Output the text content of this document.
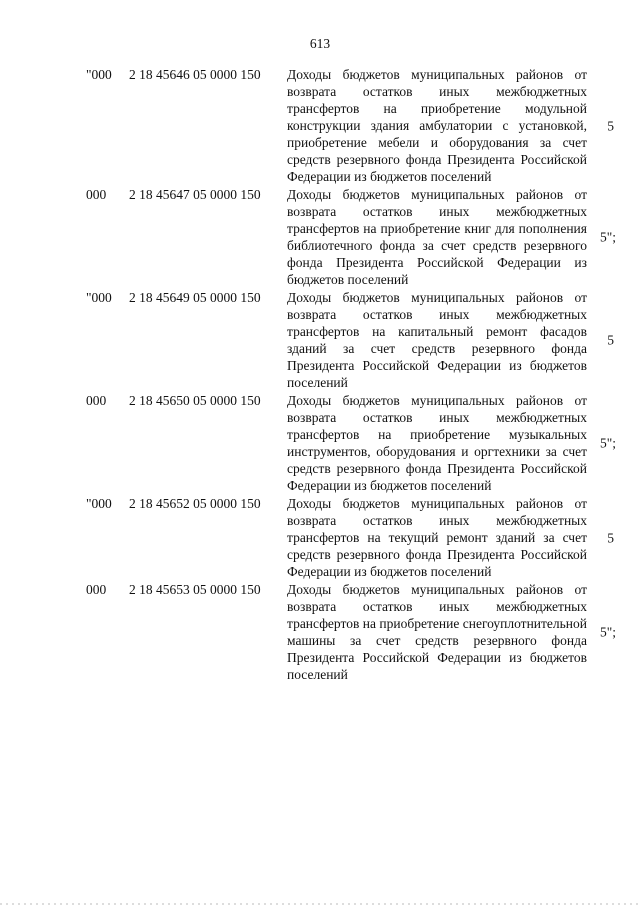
613
"000 2 18 45646 05 0000 150 Доходы бюджетов муниципальных районов от возврата остатков иных межбюджетных трансфертов на приобретение модульной конструкции здания амбулатории с установкой, приобретение мебели и оборудования за счет средств резервного фонда Президента Российской Федерации из бюджетов поселений
5
000 2 18 45647 05 0000 150 Доходы бюджетов муниципальных районов от возврата остатков иных межбюджетных трансфертов на приобретение книг для пополнения библиотечного фонда за счет средств резервного фонда Президента Российской Федерации из бюджетов поселений
5";
"000 2 18 45649 05 0000 150 Доходы бюджетов муниципальных районов от возврата остатков иных межбюджетных трансфертов на капитальный ремонт фасадов зданий за счет средств резервного фонда Президента Российской Федерации из бюджетов поселений
5
000 2 18 45650 05 0000 150 Доходы бюджетов муниципальных районов от возврата остатков иных межбюджетных трансфертов на приобретение музыкальных инструментов, оборудования и оргтехники за счет средств резервного фонда Президента Российской Федерации из бюджетов поселений
5";
"000 2 18 45652 05 0000 150 Доходы бюджетов муниципальных районов от возврата остатков иных межбюджетных трансфертов на текущий ремонт зданий за счет средств резервного фонда Президента Российской Федерации из бюджетов поселений
5
000 2 18 45653 05 0000 150 Доходы бюджетов муниципальных районов от возврата остатков иных межбюджетных трансфертов на приобретение снегоуплотнительной машины за счет средств резервного фонда Президента Российской Федерации из бюджетов поселений
5";
